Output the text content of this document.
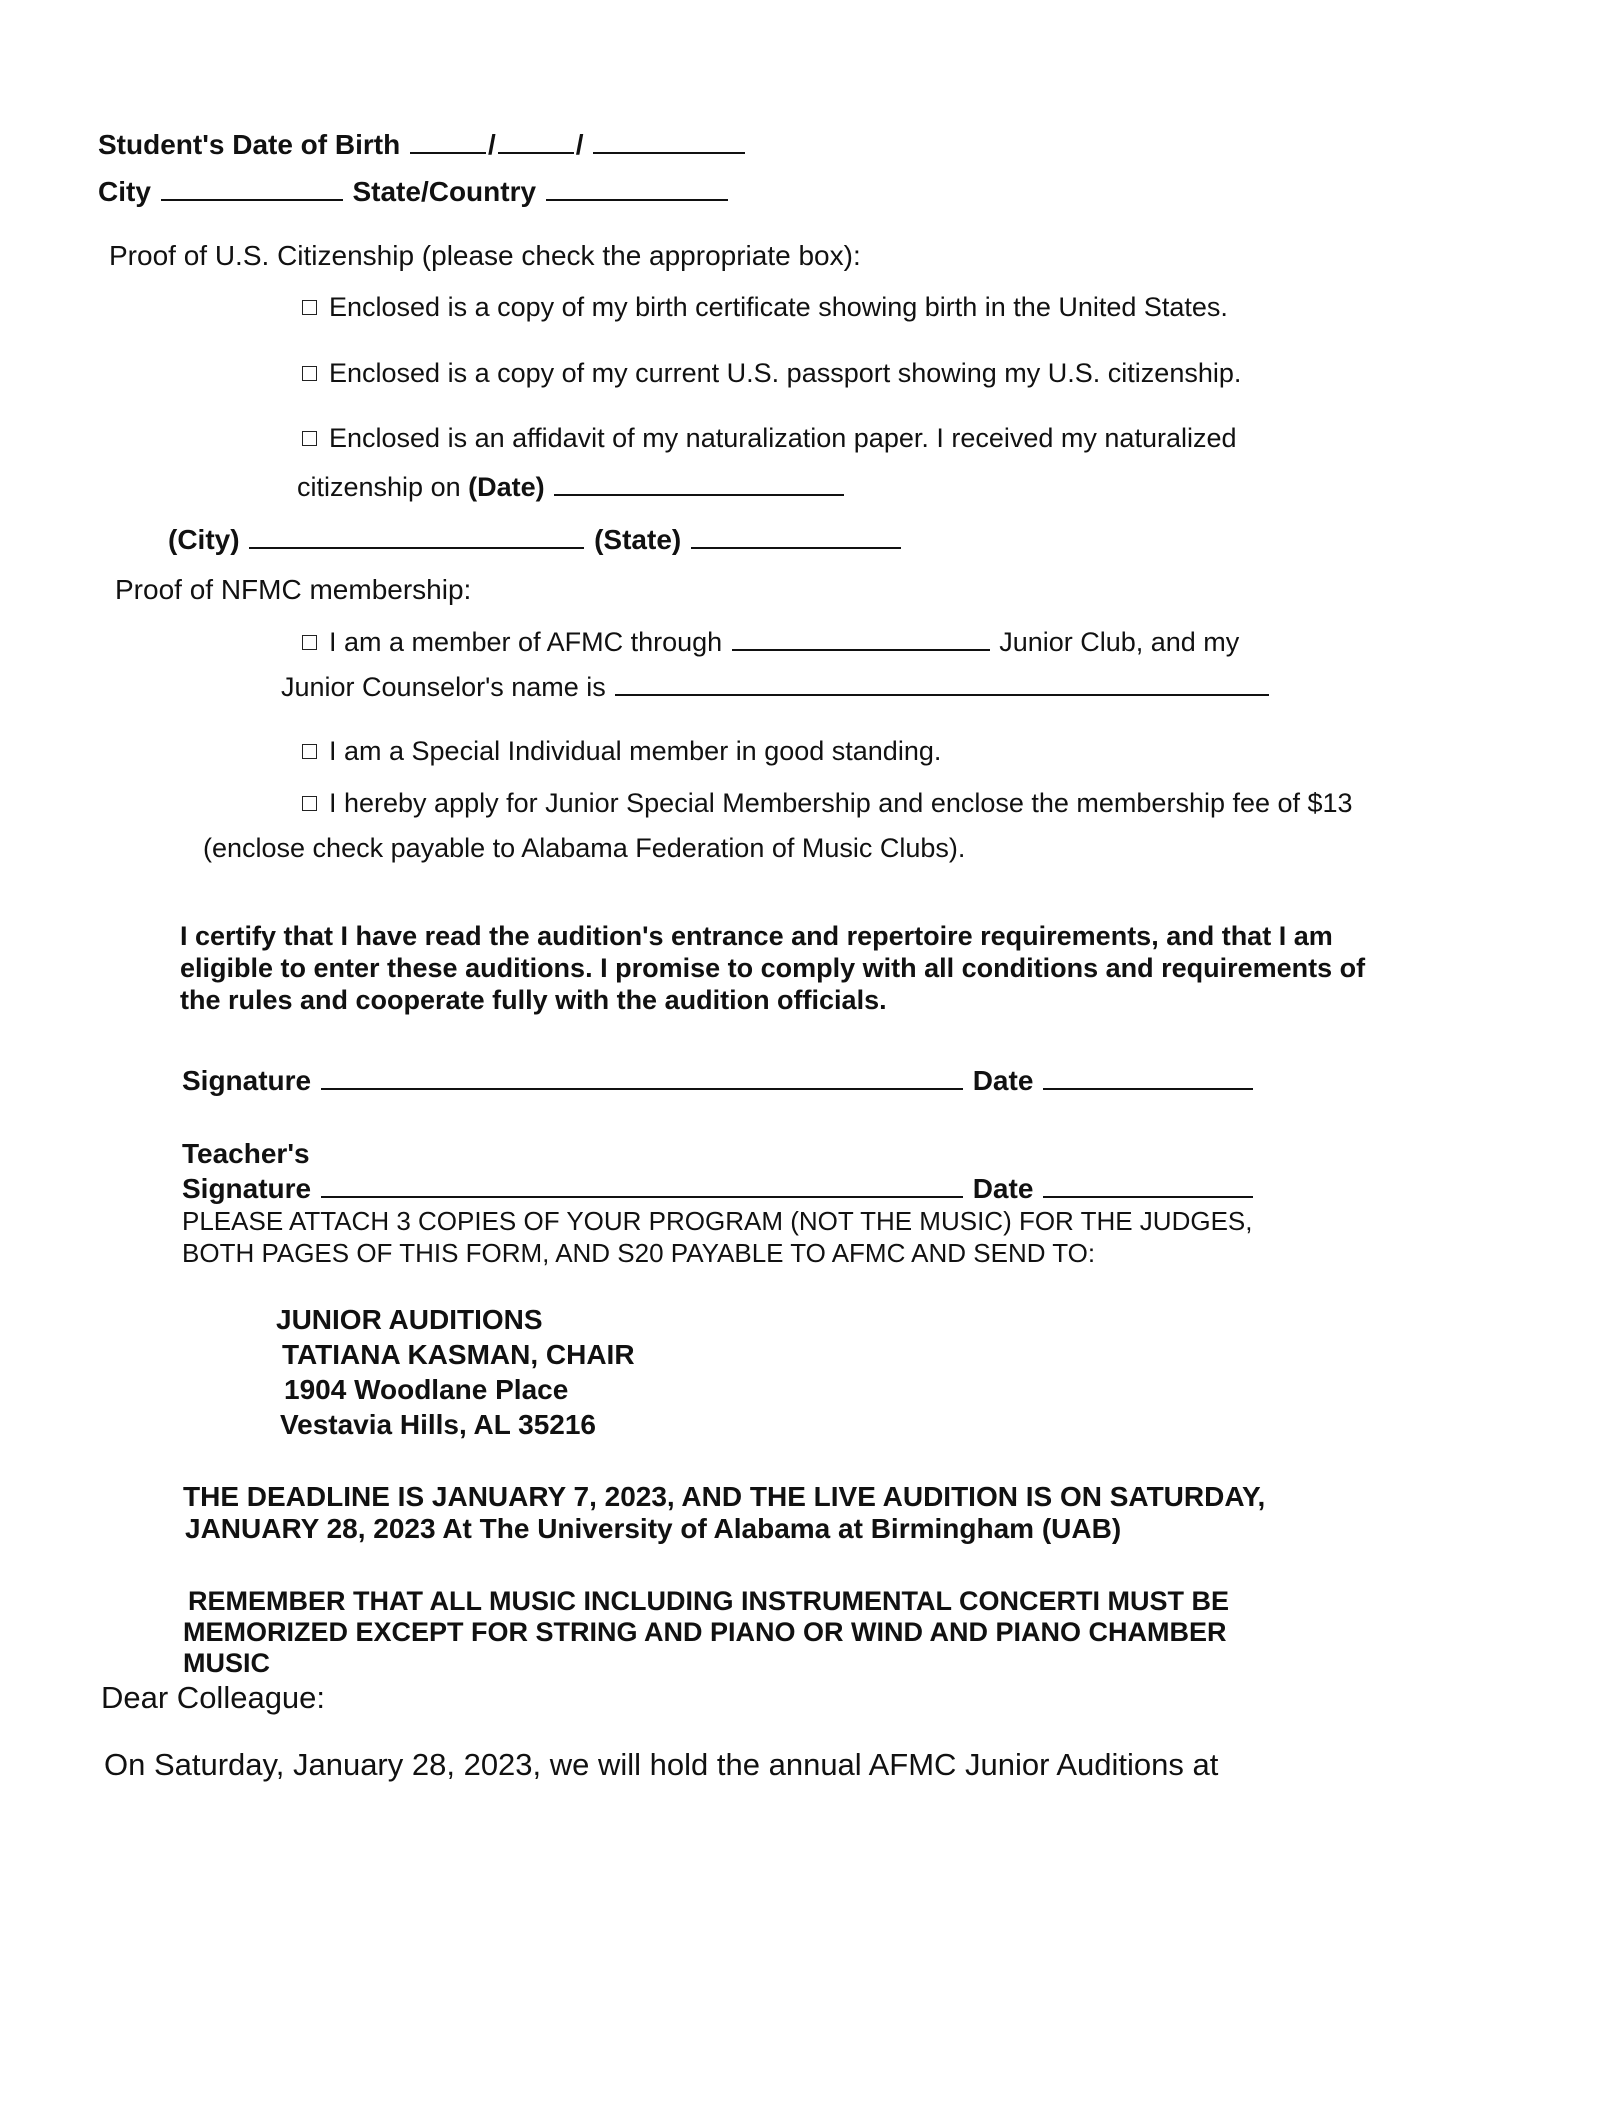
Student's Date of Birth	/	/
City	State/Country
Proof of U.S. Citizenship (please check the appropriate box):
Enclosed is a copy of my birth certificate showing birth in the United States.
Enclosed is a copy of my current U.S. passport showing my U.S. citizenship.
Enclosed is an affidavit of my naturalization paper. I received my naturalized
citizenship on (Date)
(City)	(State)
Proof of NFMC membership:
I am a member of AFMC through	Junior Club, and my
Junior Counselor's name is
I am a Special Individual member in good standing.
I hereby apply for Junior Special Membership and enclose the membership fee of $13
(enclose check payable to Alabama Federation of Music Clubs).
I certify that I have read the audition's entrance and repertoire requirements, and that I am
eligible to enter these auditions. I promise to comply with all conditions and requirements of
the rules and cooperate fully with the audition officials.
Signature	Date
Teacher's
Signature	Date
PLEASE ATTACH 3 COPIES OF YOUR PROGRAM (NOT THE MUSIC) FOR THE JUDGES,
BOTH PAGES OF THIS FORM, AND S20 PAYABLE TO AFMC AND SEND TO:
JUNIOR AUDITIONS
TATIANA KASMAN, CHAIR
1904 Woodlane Place
Vestavia Hills, AL 35216
THE DEADLINE IS JANUARY 7, 2023, AND THE LIVE AUDITION IS ON SATURDAY,
JANUARY 28, 2023 At The University of Alabama at Birmingham (UAB)
REMEMBER THAT ALL MUSIC INCLUDING INSTRUMENTAL CONCERTI MUST BE
MEMORIZED EXCEPT FOR STRING AND PIANO OR WIND AND PIANO CHAMBER
MUSIC
Dear Colleague:
On Saturday, January 28, 2023, we will hold the annual AFMC Junior Auditions at
